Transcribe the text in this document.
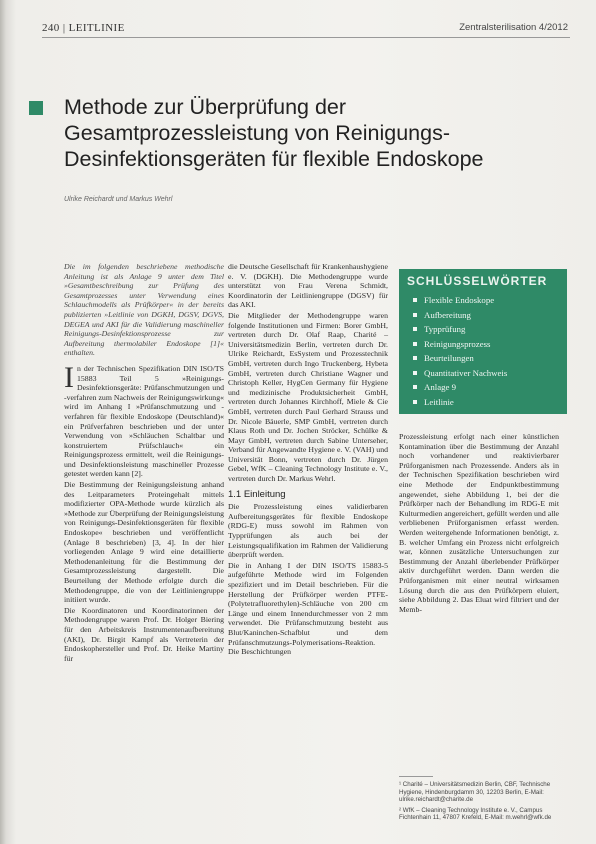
240 | LEITLINIE	Zentralsterilisation 4/2012
Methode zur Überprüfung der Gesamtprozessleistung von Reinigungs-Desinfektionsgeräten für flexible Endoskope
Ulrike Reichardt und Markus Wehrl

Die im folgenden beschriebene methodische Anleitung ist als Anlage 9 unter dem Titel »Gesamtbeschreibung zur Prüfung des Gesamtprozesses unter Verwendung eines Schlauchmodells als Prüfkörper« in der bereits publizierten »Leitlinie von DGKH, DGSV, DGVS, DEGEA und AKI für die Validierung maschineller Reinigungs-Desinfektionsprozesse zur Aufbereitung thermolabiler Endoskope [1]« enthalten.

In der Technischen Spezifikation DIN ISO/TS 15883 Teil 5 »Reinigungs-Desinfektionsgeräte: Prüfanschmutzungen und -verfahren zum Nachweis der Reinigungswirkung« wird im Anhang I »Prüfanschmutzung und -verfahren für flexible Endoskope (Deutschland)« ein Prüfverfahren beschrieben und der unter Verwendung von »Schläuchen Schaltbar und konstruiertem Prüfschlauch« ein Reinigungsprozess ermittelt, weil die Reinigungs- und Desinfektionsleistung maschineller Prozesse getestet werden kann [2].

Die Bestimmung der Reinigungsleistung anhand des Leitparameters Proteingehalt mittels modifizierter OPA-Methode wurde kürzlich als »Methode zur Überprüfung der Reinigungsleistung von Reinigungs-Desinfektionsgeräten für flexible Endoskope« beschrieben und veröffentlicht (Anlage 8 beschrieben) [3, 4]. In der hier vorliegenden Anlage 9 wird eine detaillierte Methodenanleitung für die Bestimmung der Gesamtprozessleistung dargestellt. Die Beurteilung der Methode erfolgte durch die Methodengruppe, die von der Leitliniengruppe initiiert wurde.

Die Koordinatoren und Koordinatorinnen der Methodengruppe waren Prof. Dr. Holger Biering für den Arbeitskreis Instrumentenaufbereitung (AKI), Dr. Birgit Kampf als Vertreterin der Endoskophersteller und Prof. Dr. Heike Martiny für

die Deutsche Gesellschaft für Krankenhaushygiene e. V. (DGKH). Die Methodengruppe wurde unterstützt von Frau Verena Schmidt, Koordinatorin der Leitliniengruppe (DGSV) für das AKI.

Die Mitglieder der Methodengruppe waren folgende Institutionen und Firmen: Borer GmbH, vertreten durch Dr. Olaf Raap, Charité – Universitätsmedizin Berlin, vertreten durch Dr. Ulrike Reichardt, EsSystem und Prozesstechnik GmbH, vertreten durch Ingo Truckenberg, Hybeta GmbH, vertreten durch Christiane Wagner und Christoph Keller, HygCen Germany für Hygiene und medizinische Produktsicherheit GmbH, vertreten durch Johannes Kirchhoff, Miele & Cie GmbH, vertreten durch Paul Gerhard Strauss und Dr. Nicole Bäuerle, SMP GmbH, vertreten durch Klaus Roth und Dr. Jochen Ströcker, Schülke & Mayr GmbH, vertreten durch Sabine Unterseher, Verband für Angewandte Hygiene e. V. (VAH) und Universität Bonn, vertreten durch Dr. Jürgen Gebel, WfK – Cleaning Technology Institute e. V., vertreten durch Dr. Markus Wehrl.

1.1 Einleitung

Die Prozessleistung eines validierbaren Aufbereitungsgerätes für flexible Endoskope (RDG-E) muss sowohl im Rahmen von Typprüfungen als auch bei der Leistungsqualifikation im Rahmen der Validierung überprüft werden.

Die in Anhang I der DIN ISO/TS 15883-5 aufgeführte Methode wird im Folgenden spezifiziert und im Detail beschrieben. Für die Herstellung der Prüfkörper werden PTFE-(Polytetrafluorethylen)-Schläuche von 200 cm Länge und einem Innendurchmesser von 2 mm verwendet. Die Prüfanschmutzung besteht aus Blut/Kaninchen-Schafblut und dem Prüfanschmutzungs-Polymerisations-Reaktion. Die Beschichtungen

SCHLÜSSELWÖRTER
Flexible Endoskope
Aufbereitung
Typprüfung
Reinigungsprozess
Beurteilungen
Quantitativer Nachweis
Anlage 9
Leitlinie

Prozessleistung erfolgt nach einer künstlichen Kontamination über die Bestimmung der Anzahl noch vorhandener und reaktivierbarer Prüforganismen nach Prozessende. Anders als in der Technischen Spezifikation beschrieben wird eine Methode der Endpunktbestimmung angewendet, siehe Abbildung 1, bei der die Prüfkörper nach der Behandlung im RDG-E mit Kulturmedien angereichert, gefüllt werden und alle verbliebenen Prüforganismen erfasst werden. Werden weitergehende Informationen benötigt, z. B. welcher Umfang ein Prozess nicht erfolgreich war, können zusätzliche Untersuchungen zur Bestimmung der Anzahl überlebender Prüfkörper aktiv durchgeführt werden. Dann werden die Prüforganismen mit einer neutral wirksamen Lösung durch die aus den Prüfkörpern eluiert, siehe Abbildung 2. Das Eluat wird filtriert und der Memb-

¹ Charité – Universitätsmedizin Berlin, CBF, Technische Hygiene, Hindenburgdamm 30, 12203 Berlin, E-Mail: ulrike.reichardt@charite.de
² WfK – Cleaning Technology Institute e. V., Campus Fichtenhain 11, 47807 Krefeld, E-Mail: m.wehrl@wfk.de
